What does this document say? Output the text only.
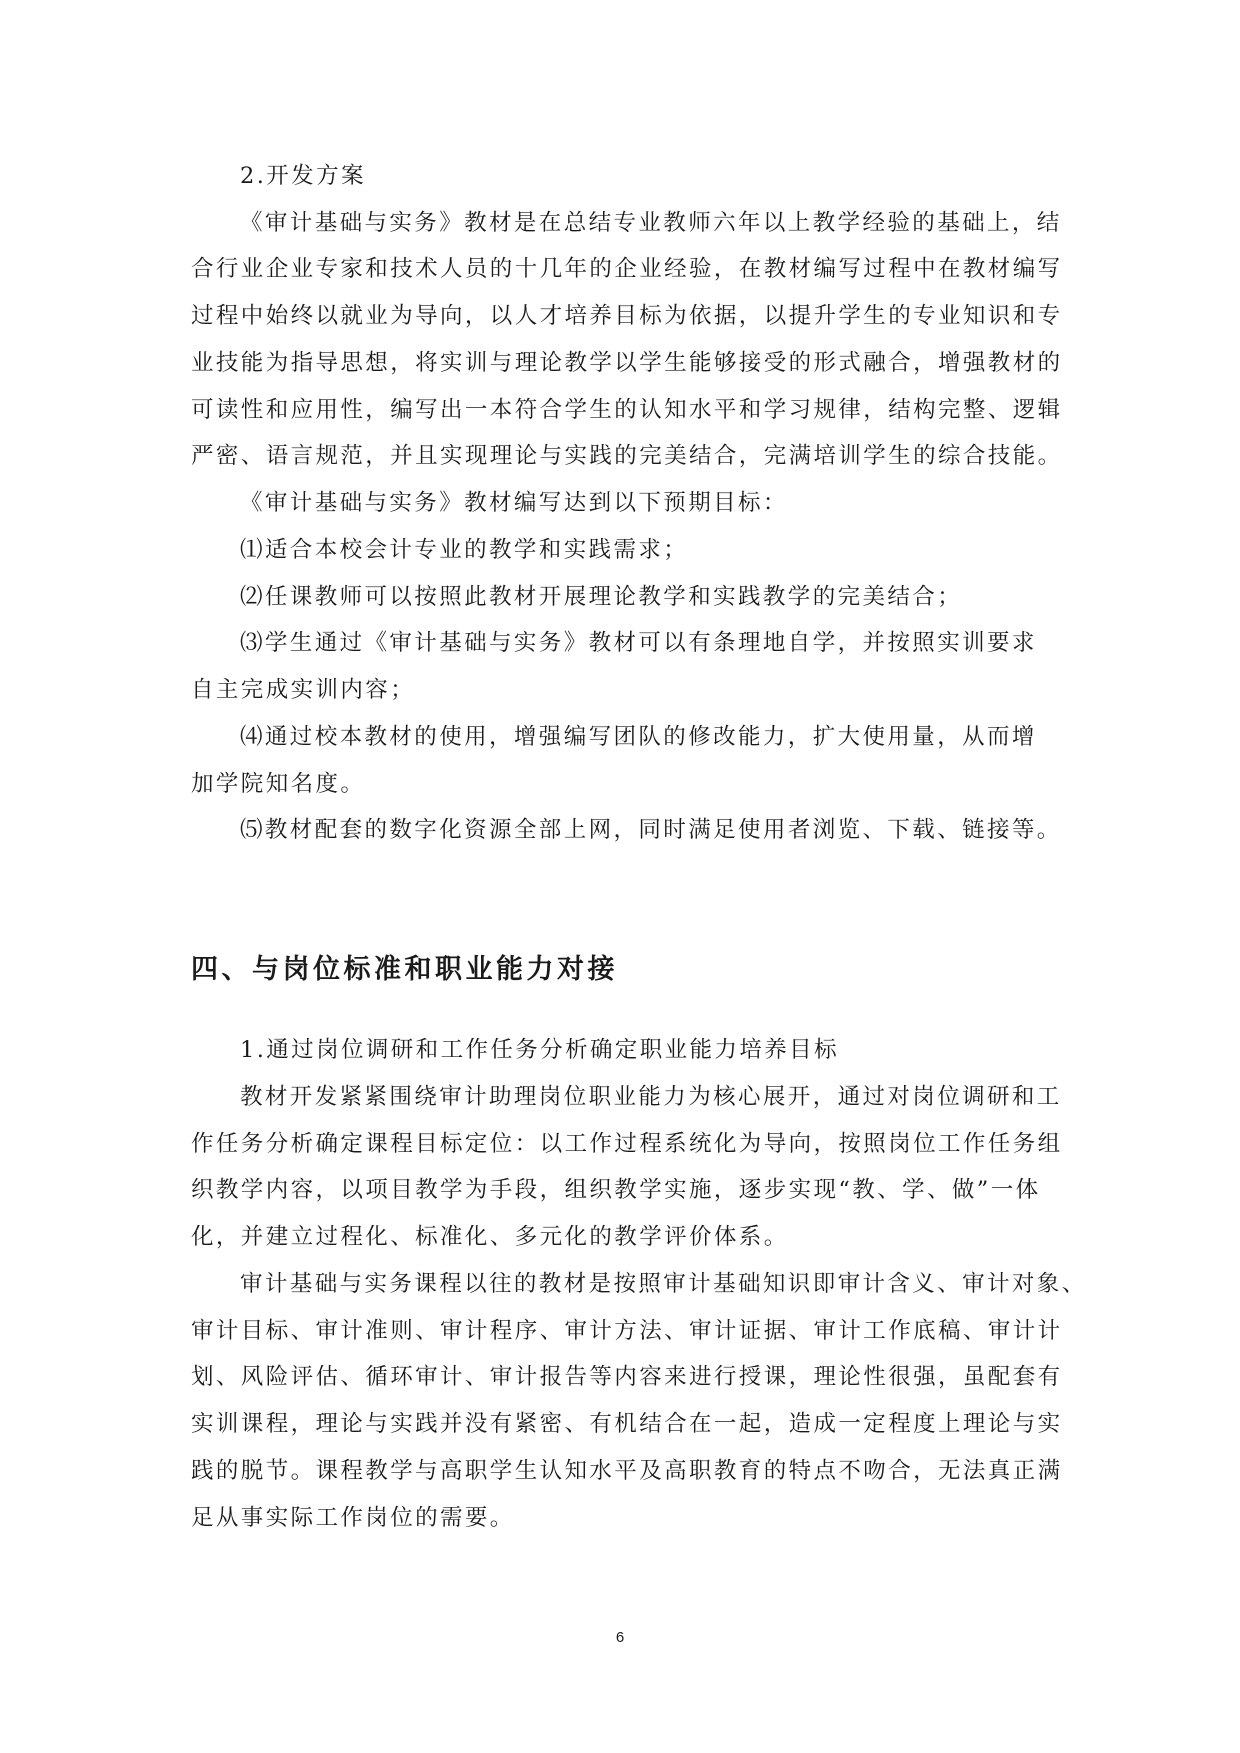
2.开发方案
《审计基础与实务》教材是在总结专业教师六年以上教学经验的基础上，结
合行业企业专家和技术人员的十几年的企业经验，在教材编写过程中在教材编写
过程中始终以就业为导向，以人才培养目标为依据，以提升学生的专业知识和专
业技能为指导思想，将实训与理论教学以学生能够接受的形式融合，增强教材的
可读性和应用性，编写出一本符合学生的认知水平和学习规律，结构完整、逻辑
严密、语言规范，并且实现理论与实践的完美结合，完满培训学生的综合技能。
《审计基础与实务》教材编写达到以下预期目标：
⑴适合本校会计专业的教学和实践需求；
⑵任课教师可以按照此教材开展理论教学和实践教学的完美结合；
⑶学生通过《审计基础与实务》教材可以有条理地自学，并按照实训要求
自主完成实训内容；
⑷通过校本教材的使用，增强编写团队的修改能力，扩大使用量，从而增
加学院知名度。
⑸教材配套的数字化资源全部上网，同时满足使用者浏览、下载、链接等。
四、与岗位标准和职业能力对接
1.通过岗位调研和工作任务分析确定职业能力培养目标
教材开发紧紧围绕审计助理岗位职业能力为核心展开，通过对岗位调研和工
作任务分析确定课程目标定位：以工作过程系统化为导向，按照岗位工作任务组
织教学内容，以项目教学为手段，组织教学实施，逐步实现“教、学、做”一体
化，并建立过程化、标准化、多元化的教学评价体系。
审计基础与实务课程以往的教材是按照审计基础知识即审计含义、审计对象、
审计目标、审计准则、审计程序、审计方法、审计证据、审计工作底稿、审计计
划、风险评估、循环审计、审计报告等内容来进行授课，理论性很强，虽配套有
实训课程，理论与实践并没有紧密、有机结合在一起，造成一定程度上理论与实
践的脱节。课程教学与高职学生认知水平及高职教育的特点不吻合，无法真正满
足从事实际工作岗位的需要。
6
